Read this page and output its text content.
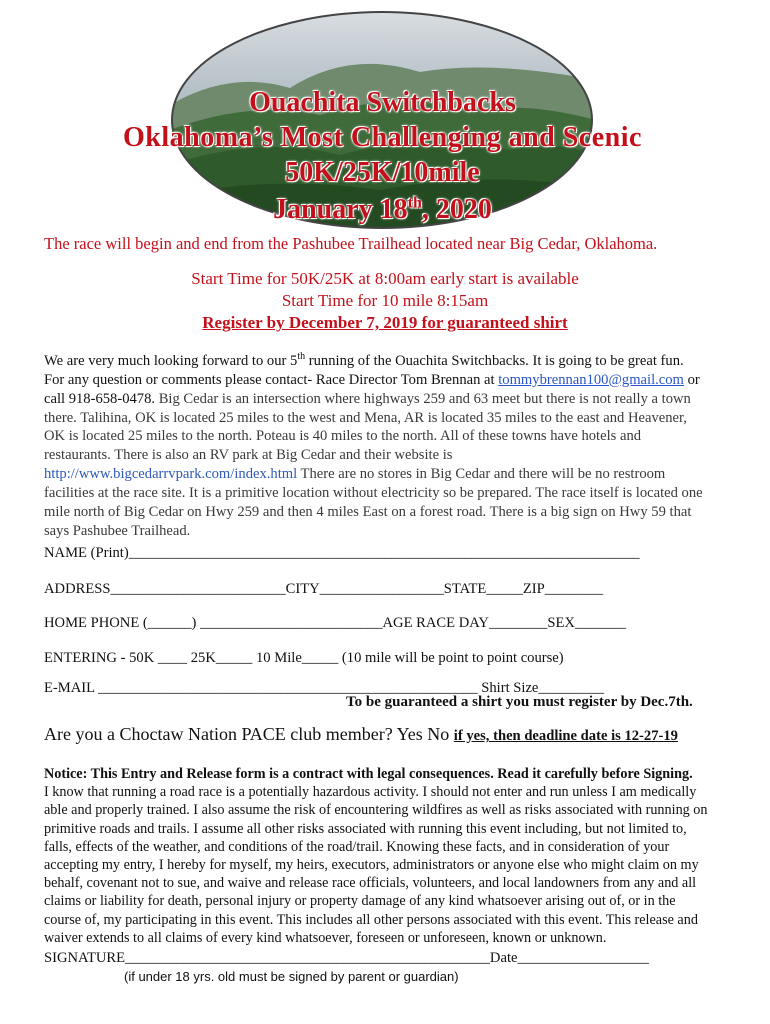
Ouachita Switchbacks
Oklahoma’s Most Challenging and Scenic
50K/25K/10mile
January 18th, 2020
The race will begin and end from the Pashubee Trailhead located near Big Cedar, Oklahoma.
Start Time for 50K/25K at 8:00am early start is available
Start Time for 10 mile 8:15am
Register by December 7, 2019 for guaranteed shirt
We are very much looking forward to our 5th running of the Ouachita Switchbacks. It is going to be great fun.
For any question or comments please contact- Race Director Tom Brennan at tommybrennan100@gmail.com or
call 918-658-0478. Big Cedar is an intersection where highways 259 and 63 meet but there is not really a town
there. Talihina, OK is located 25 miles to the west and Mena, AR is located 35 miles to the east and Heavener,
OK is located 25 miles to the north. Poteau is 40 miles to the north. All of these towns have hotels and
restaurants. There is also an RV park at Big Cedar and their website is
http://www.bigcedarrvpark.com/index.html There are no stores in Big Cedar and there will be no restroom
facilities at the race site. It is a primitive location without electricity so be prepared. The race itself is located one
mile north of Big Cedar on Hwy 259 and then 4 miles East on a forest road. There is a big sign on Hwy 59 that
says Pashubee Trailhead.
NAME (Print)______________________________________________________________________
ADDRESS________________________CITY_________________STATE_____ZIP________
HOME PHONE (______) _________________________AGE RACE DAY________SEX_______
ENTERING - 50K ____ 25K_____ 10 Mile_____ (10 mile will be point to point course)
E-MAIL ____________________________________________________ Shirt Size_________
To be guaranteed a shirt you must register by Dec.7th.
Are you a Choctaw Nation PACE club member? Yes No if yes, then deadline date is 12-27-19
Notice: This Entry and Release form is a contract with legal consequences. Read it carefully before Signing.
I know that running a road race is a potentially hazardous activity. I should not enter and run unless I am medically
able and properly trained. I also assume the risk of encountering wildfires as well as risks associated with running on
primitive roads and trails. I assume all other risks associated with running this event including, but not limited to,
falls, effects of the weather, and conditions of the road/trail. Knowing these facts, and in consideration of your
accepting my entry, I hereby for myself, my heirs, executors, administrators or anyone else who might claim on my
behalf, covenant not to sue, and waive and release race officials, volunteers, and local landowners from any and all
claims or liability for death, personal injury or property damage of any kind whatsoever arising out of, or in the
course of, my participating in this event. This includes all other persons associated with this event. This release and
waiver extends to all claims of every kind whatsoever, foreseen or unforeseen, known or unknown.
SIGNATURE__________________________________________________Date__________________
(if under 18 yrs. old must be signed by parent or guardian)
